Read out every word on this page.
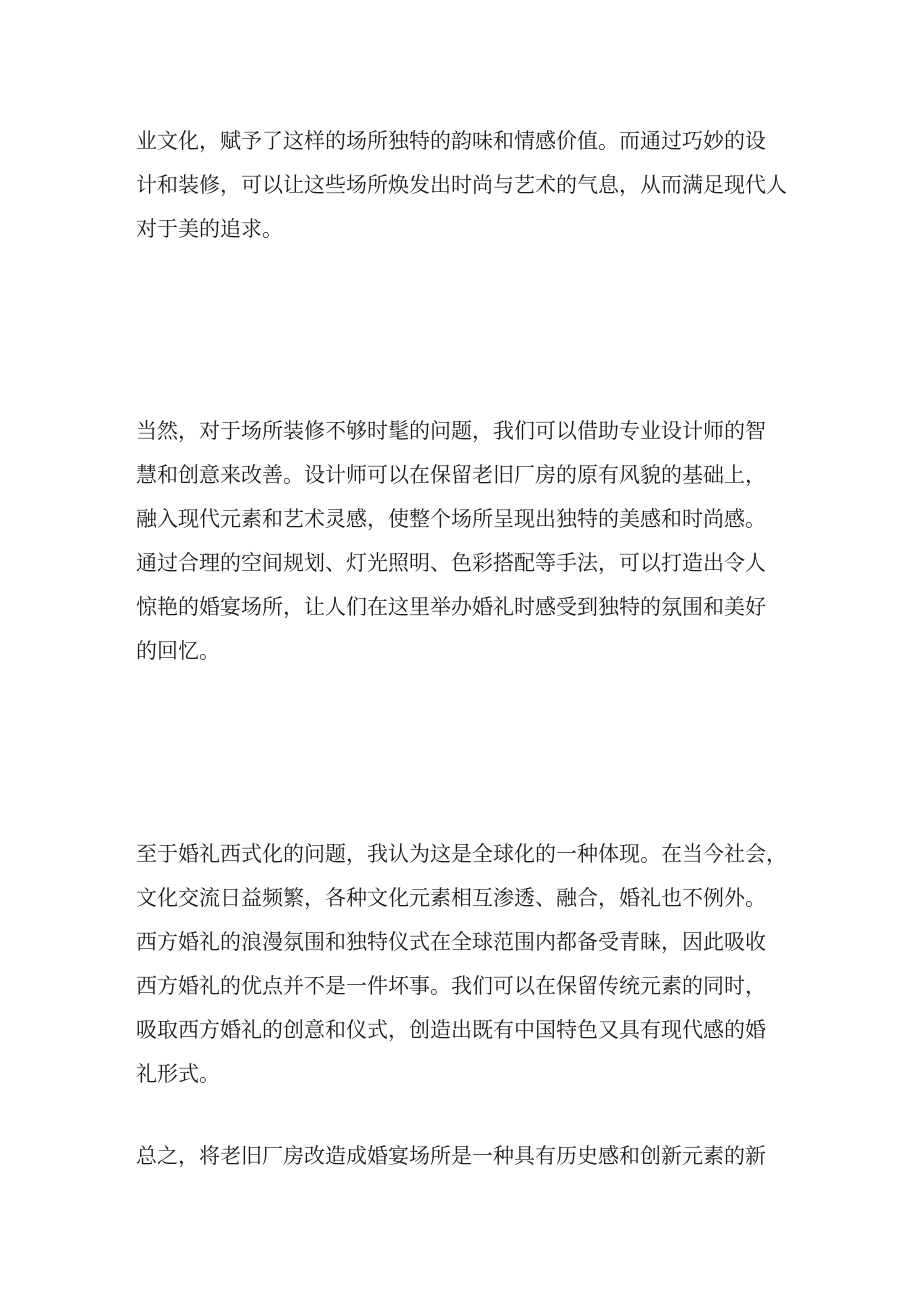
业文化，赋予了这样的场所独特的韵味和情感价值。而通过巧妙的设
计和装修，可以让这些场所焕发出时尚与艺术的气息，从而满足现代人
对于美的追求。

当然，对于场所装修不够时髦的问题，我们可以借助专业设计师的智
慧和创意来改善。设计师可以在保留老旧厂房的原有风貌的基础上，
融入现代元素和艺术灵感，使整个场所呈现出独特的美感和时尚感。
通过合理的空间规划、灯光照明、色彩搭配等手法，可以打造出令人
惊艳的婚宴场所，让人们在这里举办婚礼时感受到独特的氛围和美好
的回忆。

至于婚礼西式化的问题，我认为这是全球化的一种体现。在当今社会，
文化交流日益频繁，各种文化元素相互渗透、融合，婚礼也不例外。
西方婚礼的浪漫氛围和独特仪式在全球范围内都备受青睐，因此吸收
西方婚礼的优点并不是一件坏事。我们可以在保留传统元素的同时，
吸取西方婚礼的创意和仪式，创造出既有中国特色又具有现代感的婚
礼形式。

总之，将老旧厂房改造成婚宴场所是一种具有历史感和创新元素的新
